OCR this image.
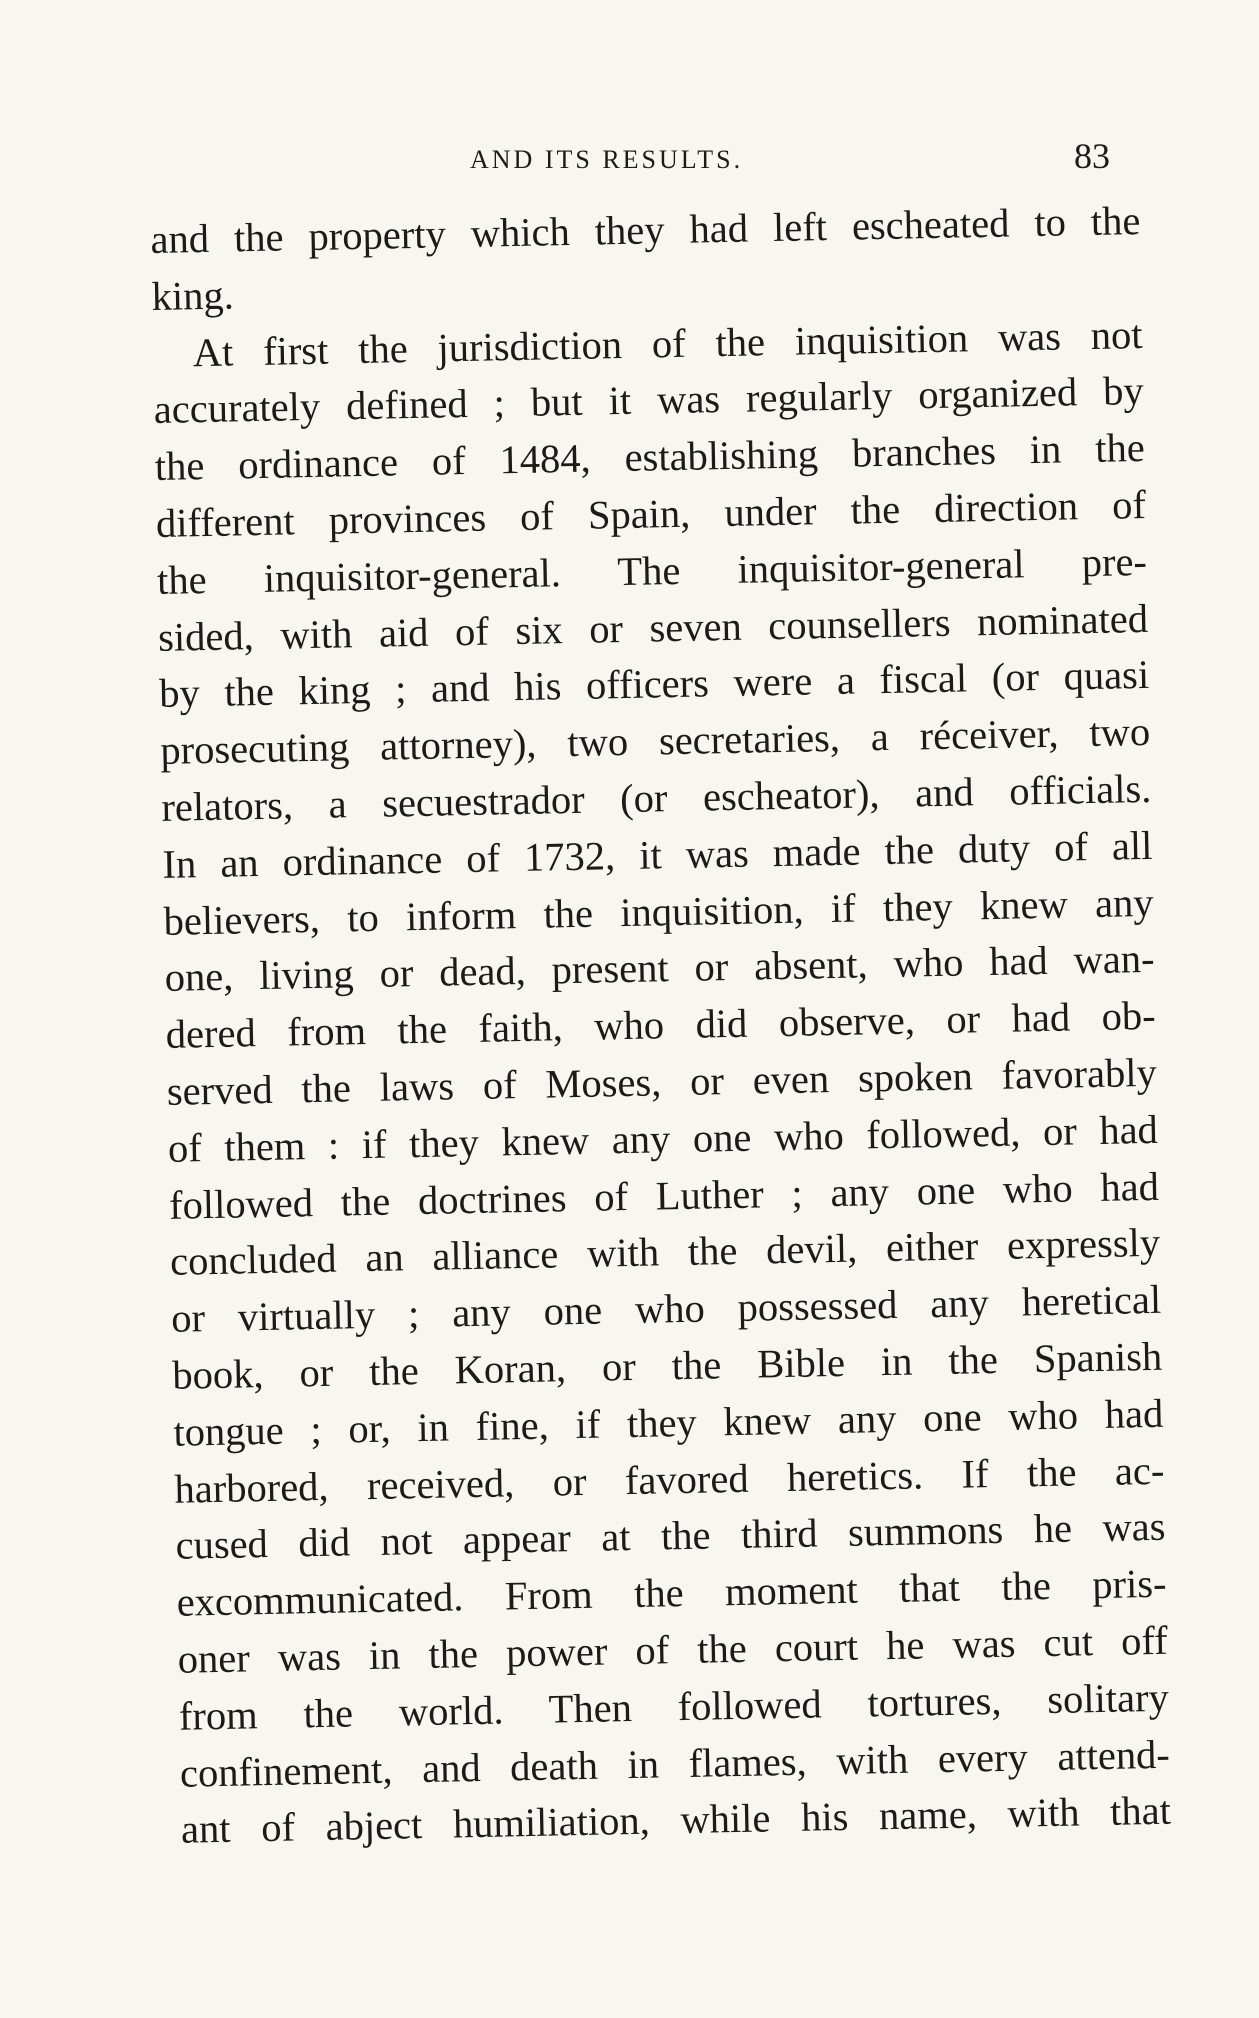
AND ITS RESULTS.	83
and the property which they had left escheated to the
king.
At first the jurisdiction of the inquisition was not
accurately defined ; but it was regularly organized by
the ordinance of 1484, establishing branches in the
different provinces of Spain, under the direction of
the inquisitor-general. The inquisitor-general pre-
sided, with aid of six or seven counsellers nominated
by the king ; and his officers were a fiscal (or quasi
prosecuting attorney), two secretaries, a réceiver, two
relators, a secuestrador (or escheator), and officials.
In an ordinance of 1732, it was made the duty of all
believers, to inform the inquisition, if they knew any
one, living or dead, present or absent, who had wan-
dered from the faith, who did observe, or had ob-
served the laws of Moses, or even spoken favorably
of them : if they knew any one who followed, or had
followed the doctrines of Luther ; any one who had
concluded an alliance with the devil, either expressly
or virtually ; any one who possessed any heretical
book, or the Koran, or the Bible in the Spanish
tongue ; or, in fine, if they knew any one who had
harbored, received, or favored heretics. If the ac-
cused did not appear at the third summons he was
excommunicated. From the moment that the pris-
oner was in the power of the court he was cut off
from the world. Then followed tortures, solitary
confinement, and death in flames, with every attend-
ant of abject humiliation, while his name, with that
